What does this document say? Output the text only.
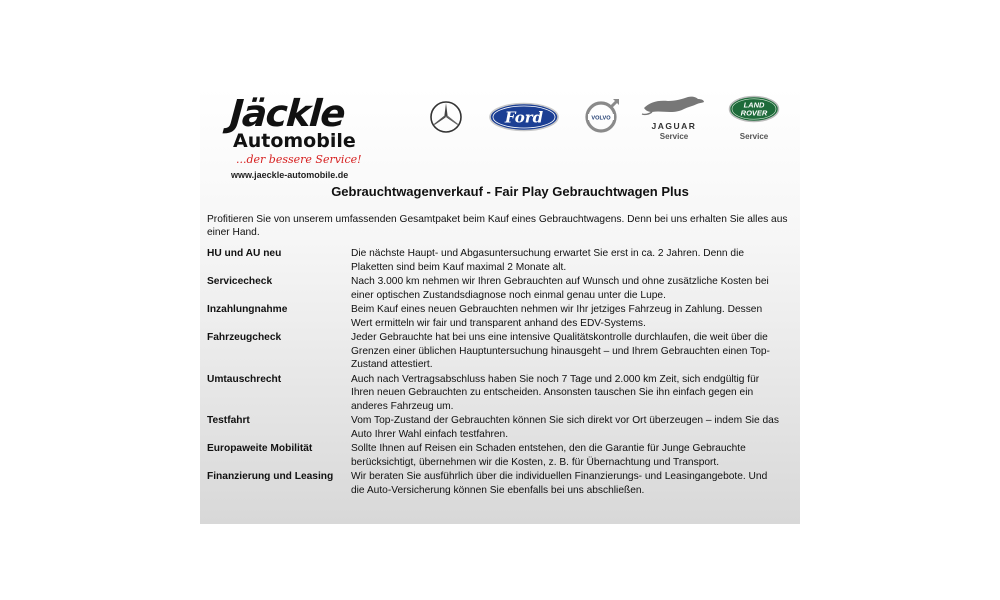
Jäckle
Automobile
...der bessere Service!
www.jaeckle-automobile.de
Ford	VOLVO
JAGUAR
Service
LAND
ROVER
Service
Gebrauchtwagenverkauf - Fair Play Gebrauchtwagen Plus
Profitieren Sie von unserem umfassenden Gesamtpaket beim Kauf eines Gebrauchtwagens. Denn bei uns erhalten Sie alles aus einer Hand.
HU und AU neu	Die nächste Haupt- und Abgasuntersuchung erwartet Sie erst in ca. 2 Jahren. Denn die Plaketten sind beim Kauf maximal 2 Monate alt.
Servicecheck	Nach 3.000 km nehmen wir Ihren Gebrauchten auf Wunsch und ohne zusätzliche Kosten bei einer optischen Zustandsdiagnose noch einmal genau unter die Lupe.
Inzahlungnahme	Beim Kauf eines neuen Gebrauchten nehmen wir Ihr jetziges Fahrzeug in Zahlung. Dessen Wert ermitteln wir fair und transparent anhand des EDV-Systems.
Fahrzeugcheck	Jeder Gebrauchte hat bei uns eine intensive Qualitätskontrolle durchlaufen, die weit über die Grenzen einer üblichen Hauptuntersuchung hinausgeht – und Ihrem Gebrauchten einen Top-Zustand attestiert.
Umtauschrecht	Auch nach Vertragsabschluss haben Sie noch 7 Tage und 2.000 km Zeit, sich endgültig für Ihren neuen Gebrauchten zu entscheiden. Ansonsten tauschen Sie ihn einfach gegen ein anderes Fahrzeug um.
Testfahrt	Vom Top-Zustand der Gebrauchten können Sie sich direkt vor Ort überzeugen – indem Sie das Auto Ihrer Wahl einfach testfahren.
Europaweite Mobilität	Sollte Ihnen auf Reisen ein Schaden entstehen, den die Garantie für Junge Gebrauchte berücksichtigt, übernehmen wir die Kosten, z. B. für Übernachtung und Transport.
Finanzierung und Leasing	Wir beraten Sie ausführlich über die individuellen Finanzierungs- und Leasingangebote. Und die Auto-Versicherung können Sie ebenfalls bei uns abschließen.
